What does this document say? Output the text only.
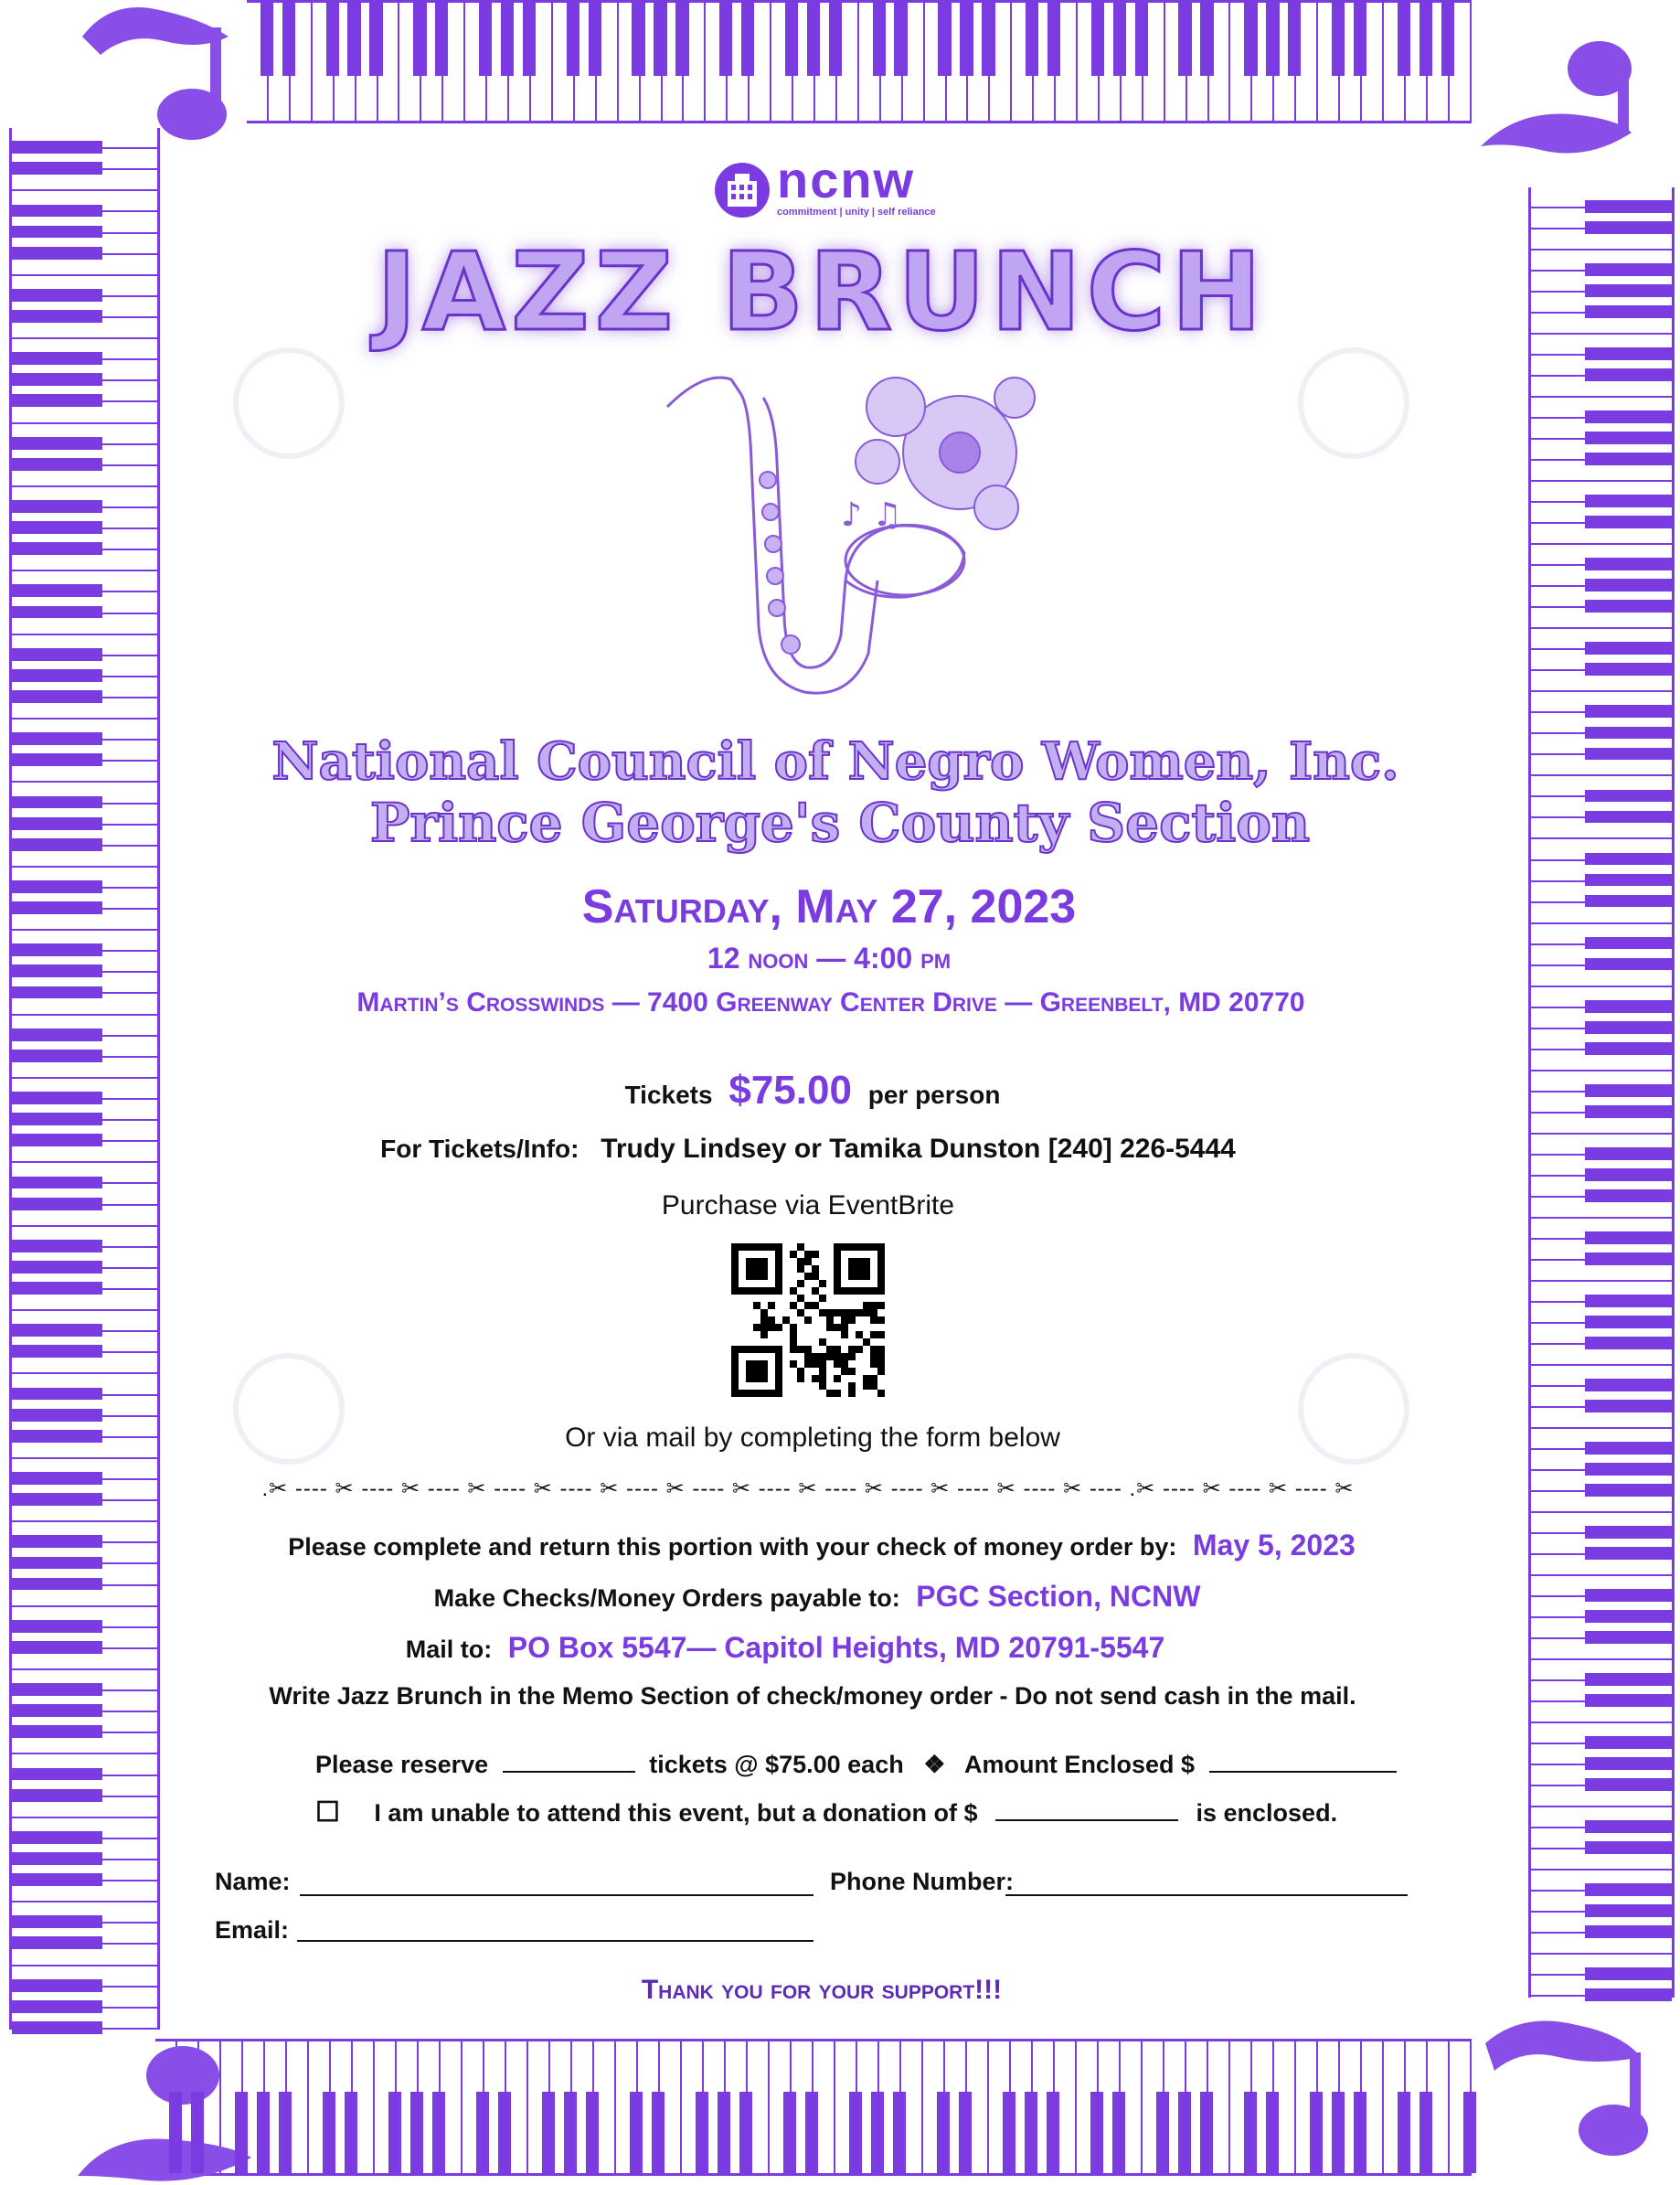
ncnw
commitment | unity | self reliance
JAZZ BRUNCH
♪ ♫
National Council of Negro Women, Inc.
Prince George's County Section
Saturday, May 27, 2023
12 noon — 4:00 pm
Martin’s Crosswinds — 7400 Greenway Center Drive — Greenbelt, MD 20770
Tickets $75.00 per person
For Tickets/Info: Trudy Lindsey or Tamika Dunston [240] 226-5444
Purchase via EventBrite
Or via mail by completing the form below
.✂ ---- ✂ ---- ✂ ---- ✂ ---- ✂ ---- ✂ ---- ✂ ---- ✂ ---- ✂ ---- ✂ ---- ✂ ---- ✂ ---- ✂ ---- .✂ ---- ✂ ---- ✂ ---- ✂
Please complete and return this portion with your check of money order by: May 5, 2023
Make Checks/Money Orders payable to: PGC Section, NCNW
Mail to: PO Box 5547— Capitol Heights, MD 20791-5547
Write Jazz Brunch in the Memo Section of check/money order - Do not send cash in the mail.
Please reserve	tickets @ $75.00 each ❖ Amount Enclosed $
☐ I am unable to attend this event, but a donation of $	is enclosed.
Name:	Phone Number:
Email:
Thank you for your support!!!
